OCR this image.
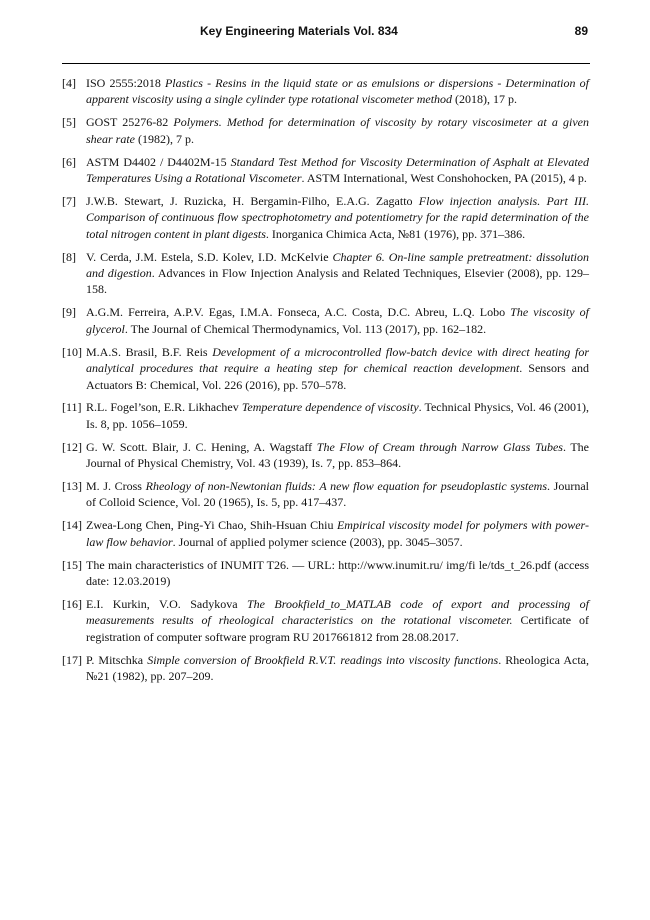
Key Engineering Materials Vol. 834	89

[4] ISO 2555:2018 Plastics - Resins in the liquid state or as emulsions or dispersions - Determination of apparent viscosity using a single cylinder type rotational viscometer method (2018), 17 p.

[5] GOST 25276-82 Polymers. Method for determination of viscosity by rotary viscosimeter at a given shear rate (1982), 7 p.

[6] ASTM D4402 / D4402M-15 Standard Test Method for Viscosity Determination of Asphalt at Elevated Temperatures Using a Rotational Viscometer. ASTM International, West Conshohocken, PA (2015), 4 p.

[7] J.W.B. Stewart, J. Ruzicka, H. Bergamin-Filho, E.A.G. Zagatto Flow injection analysis. Part III. Comparison of continuous flow spectrophotometry and potentiometry for the rapid determination of the total nitrogen content in plant digests. Inorganica Chimica Acta, №81 (1976), pp. 371–386.

[8] V. Cerda, J.M. Estela, S.D. Kolev, I.D. McKelvie Chapter 6. On-line sample pretreatment: dissolution and digestion. Advances in Flow Injection Analysis and Related Techniques, Elsevier (2008), pp. 129–158.

[9] A.G.M. Ferreira, A.P.V. Egas, I.M.A. Fonseca, A.C. Costa, D.C. Abreu, L.Q. Lobo The viscosity of glycerol. The Journal of Chemical Thermodynamics, Vol. 113 (2017), pp. 162–182.

[10] M.A.S. Brasil, B.F. Reis Development of a microcontrolled flow-batch device with direct heating for analytical procedures that require a heating step for chemical reaction development. Sensors and Actuators B: Chemical, Vol. 226 (2016), pp. 570–578.

[11] R.L. Fogel’son, E.R. Likhachev Temperature dependence of viscosity. Technical Physics, Vol. 46 (2001), Is. 8, pp. 1056–1059.

[12] G. W. Scott. Blair, J. C. Hening, A. Wagstaff The Flow of Cream through Narrow Glass Tubes. The Journal of Physical Chemistry, Vol. 43 (1939), Is. 7, pp. 853–864.

[13] M. J. Cross Rheology of non-Newtonian fluids: A new flow equation for pseudoplastic systems. Journal of Colloid Science, Vol. 20 (1965), Is. 5, pp. 417–437.

[14] Zwea-Long Chen, Ping-Yi Chao, Shih-Hsuan Chiu Empirical viscosity model for polymers with power-law flow behavior. Journal of applied polymer science (2003), pp. 3045–3057.

[15] The main characteristics of INUMIT T26. — URL: http://www.inumit.ru/ img/fi le/tds_t_26.pdf (access date: 12.03.2019)

[16] E.I. Kurkin, V.O. Sadykova The Brookfield_to_MATLAB code of export and processing of measurements results of rheological characteristics on the rotational viscometer. Certificate of registration of computer software program RU 2017661812 from 28.08.2017.

[17] P. Mitschka Simple conversion of Brookfield R.V.T. readings into viscosity functions. Rheologica Acta, №21 (1982), pp. 207–209.
